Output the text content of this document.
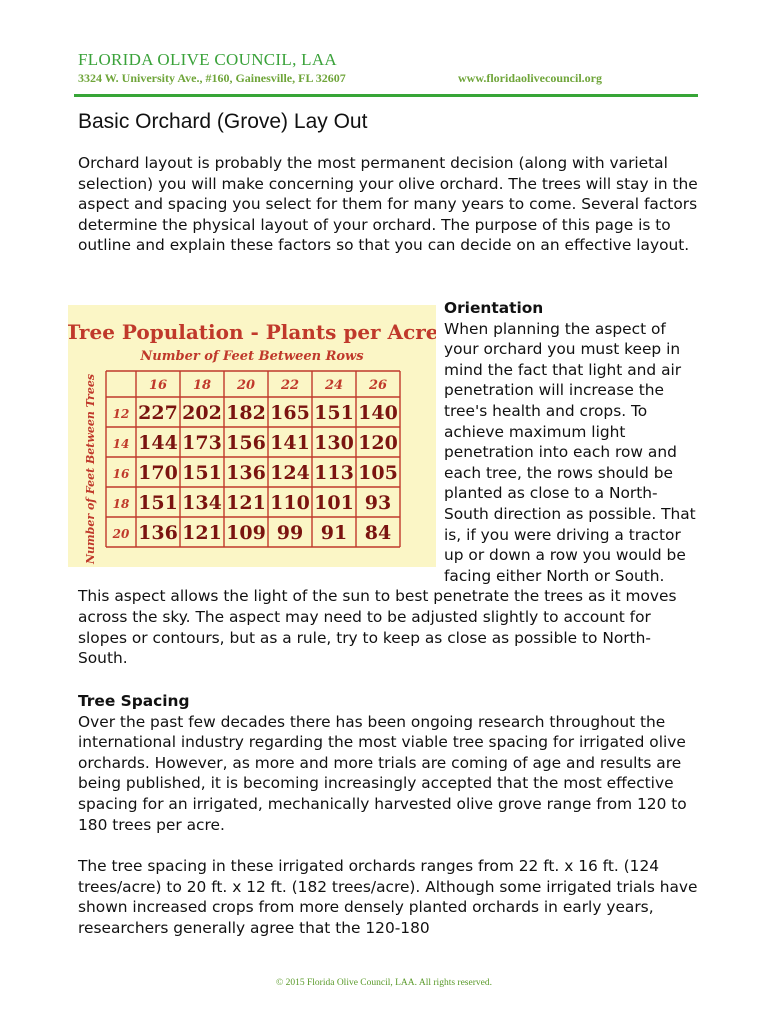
FLORIDA OLIVE COUNCIL, LAA
3324 W. University Ave., #160, Gainesville, FL 32607	www.floridaolivecouncil.org
Basic Orchard (Grove) Lay Out
Orchard layout is probably the most permanent decision (along with varietal selection) you will make concerning your olive orchard. The trees will stay in the aspect and spacing you select for them for many years to come. Several factors determine the physical layout of your orchard. The purpose of this page is to outline and explain these factors so that you can decide on an effective layout.
Tree Population - Plants per Acre
Number of Feet Between Rows
Number of Feet Between Trees	16 18 20 22 24 26
12 227 202 182 165 151 140
14 144 173 156 141 130 120
16 170 151 136 124 113 105
18 151 134 121 110 101 93
20 136 121 109 99 91 84
Orientation
When planning the aspect of your orchard you must keep in mind the fact that light and air penetration will increase the tree's health and crops. To achieve maximum light penetration into each row and each tree, the rows should be planted as close to a North-South direction as possible. That is, if you were driving a tractor up or down a row you would be facing either North or South. This aspect allows the light of the sun to best penetrate the trees as it moves across the sky. The aspect may need to be adjusted slightly to account for slopes or contours, but as a rule, try to keep as close as possible to North-South.
Tree Spacing
Over the past few decades there has been ongoing research throughout the international industry regarding the most viable tree spacing for irrigated olive orchards. However, as more and more trials are coming of age and results are being published, it is becoming increasingly accepted that the most effective spacing for an irrigated, mechanically harvested olive grove range from 120 to 180 trees per acre.
The tree spacing in these irrigated orchards ranges from 22 ft. x 16 ft. (124 trees/acre) to 20 ft. x 12 ft. (182 trees/acre). Although some irrigated trials have shown increased crops from more densely planted orchards in early years, researchers generally agree that the 120-180
© 2015 Florida Olive Council, LAA. All rights reserved.
